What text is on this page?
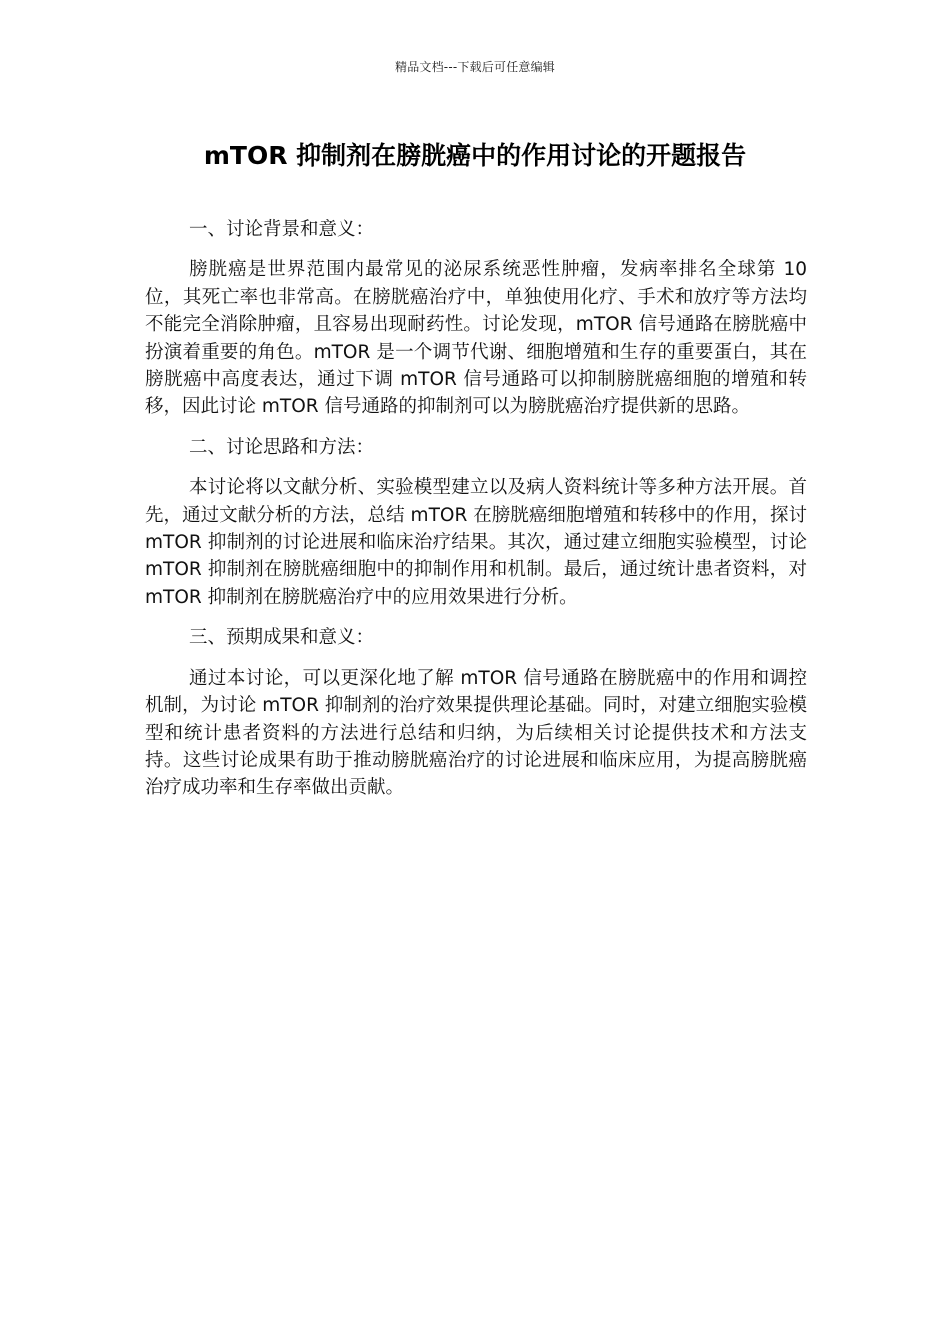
精品文档---下载后可任意编辑
mTOR 抑制剂在膀胱癌中的作用讨论的开题报告

一、讨论背景和意义：

膀胱癌是世界范围内最常见的泌尿系统恶性肿瘤，发病率排名全球第 10 位，其死亡率也非常高。在膀胱癌治疗中，单独使用化疗、手术和放疗等方法均不能完全消除肿瘤，且容易出现耐药性。讨论发现，mTOR 信号通路在膀胱癌中扮演着重要的角色。mTOR 是一个调节代谢、细胞增殖和生存的重要蛋白，其在膀胱癌中高度表达，通过下调 mTOR 信号通路可以抑制膀胱癌细胞的增殖和转移，因此讨论 mTOR 信号通路的抑制剂可以为膀胱癌治疗提供新的思路。

二、讨论思路和方法：

本讨论将以文献分析、实验模型建立以及病人资料统计等多种方法开展。首先，通过文献分析的方法，总结 mTOR 在膀胱癌细胞增殖和转移中的作用，探讨 mTOR 抑制剂的讨论进展和临床治疗结果。其次，通过建立细胞实验模型，讨论 mTOR 抑制剂在膀胱癌细胞中的抑制作用和机制。最后，通过统计患者资料，对 mTOR 抑制剂在膀胱癌治疗中的应用效果进行分析。

三、预期成果和意义：

通过本讨论，可以更深化地了解 mTOR 信号通路在膀胱癌中的作用和调控机制，为讨论 mTOR 抑制剂的治疗效果提供理论基础。同时，对建立细胞实验模型和统计患者资料的方法进行总结和归纳，为后续相关讨论提供技术和方法支持。这些讨论成果有助于推动膀胱癌治疗的讨论进展和临床应用，为提高膀胱癌治疗成功率和生存率做出贡献。
